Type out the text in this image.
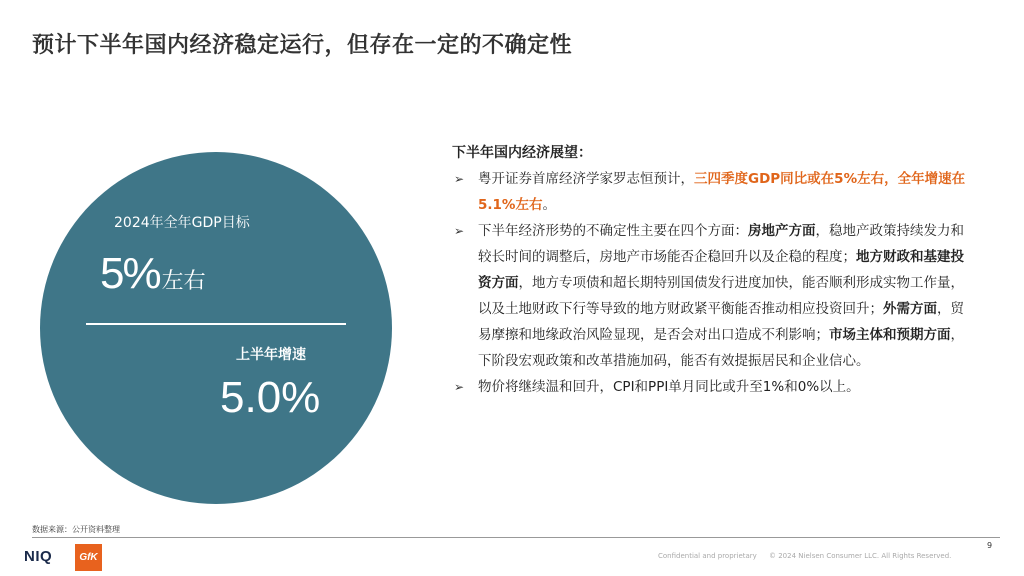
预计下半年国内经济稳定运行，但存在一定的不确定性
2024年全年GDP目标
5%左右
上半年增速
5.0%
下半年国内经济展望：
➢ 粤开证券首席经济学家罗志恒预计，三四季度GDP同比或在5%左右，全年增速在5.1%左右。
➢ 下半年经济形势的不确定性主要在四个方面：房地产方面，稳地产政策持续发力和较长时间的调整后，房地产市场能否企稳回升以及企稳的程度；地方财政和基建投资方面，地方专项债和超长期特别国债发行进度加快，能否顺利形成实物工作量，以及土地财政下行等导致的地方财政紧平衡能否推动相应投资回升；外需方面，贸易摩擦和地缘政治风险显现，是否会对出口造成不利影响；市场主体和预期方面，下阶段宏观政策和改革措施加码，能否有效提振居民和企业信心。
➢ 物价将继续温和回升，CPI和PPI单月同比或升至1%和0%以上。
数据来源：公开资料整理
NIQ	GfK	Confidential and proprietary © 2024 Nielsen Consumer LLC. All Rights Reserved.
9
